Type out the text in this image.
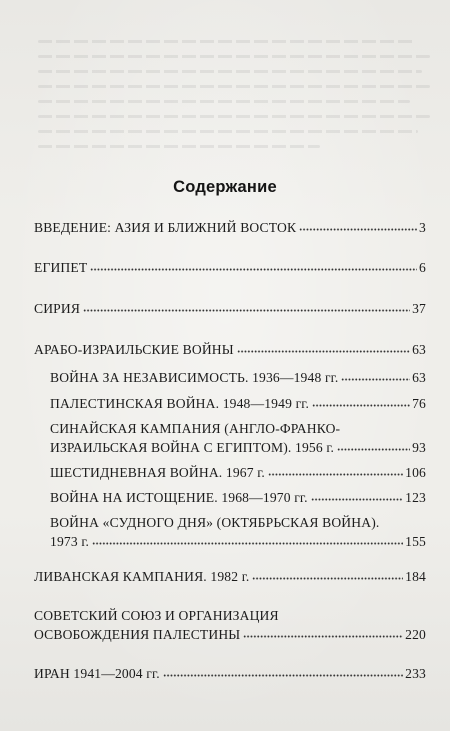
Содержание
ВВЕДЕНИЕ: АЗИЯ И БЛИЖНИЙ ВОСТОК	3
ЕГИПЕТ	6
СИРИЯ	37
АРАБО-ИЗРАИЛЬСКИЕ ВОЙНЫ	63
ВОЙНА ЗА НЕЗАВИСИМОСТЬ. 1936—1948 гг.	63
ПАЛЕСТИНСКАЯ ВОЙНА. 1948—1949 гг.	76
СИНАЙСКАЯ КАМПАНИЯ (АНГЛО-ФРАНКО-
ИЗРАИЛЬСКАЯ ВОЙНА С ЕГИПТОМ). 1956 г.	93
ШЕСТИДНЕВНАЯ ВОЙНА. 1967 г.	106
ВОЙНА НА ИСТОЩЕНИЕ. 1968—1970 гг.	123
ВОЙНА «СУДНОГО ДНЯ» (ОКТЯБРЬСКАЯ ВОЙНА).
1973 г.	155
ЛИВАНСКАЯ КАМПАНИЯ. 1982 г.	184
СОВЕТСКИЙ СОЮЗ И ОРГАНИЗАЦИЯ
ОСВОБОЖДЕНИЯ ПАЛЕСТИНЫ	220
ИРАН 1941—2004 гг.	233
